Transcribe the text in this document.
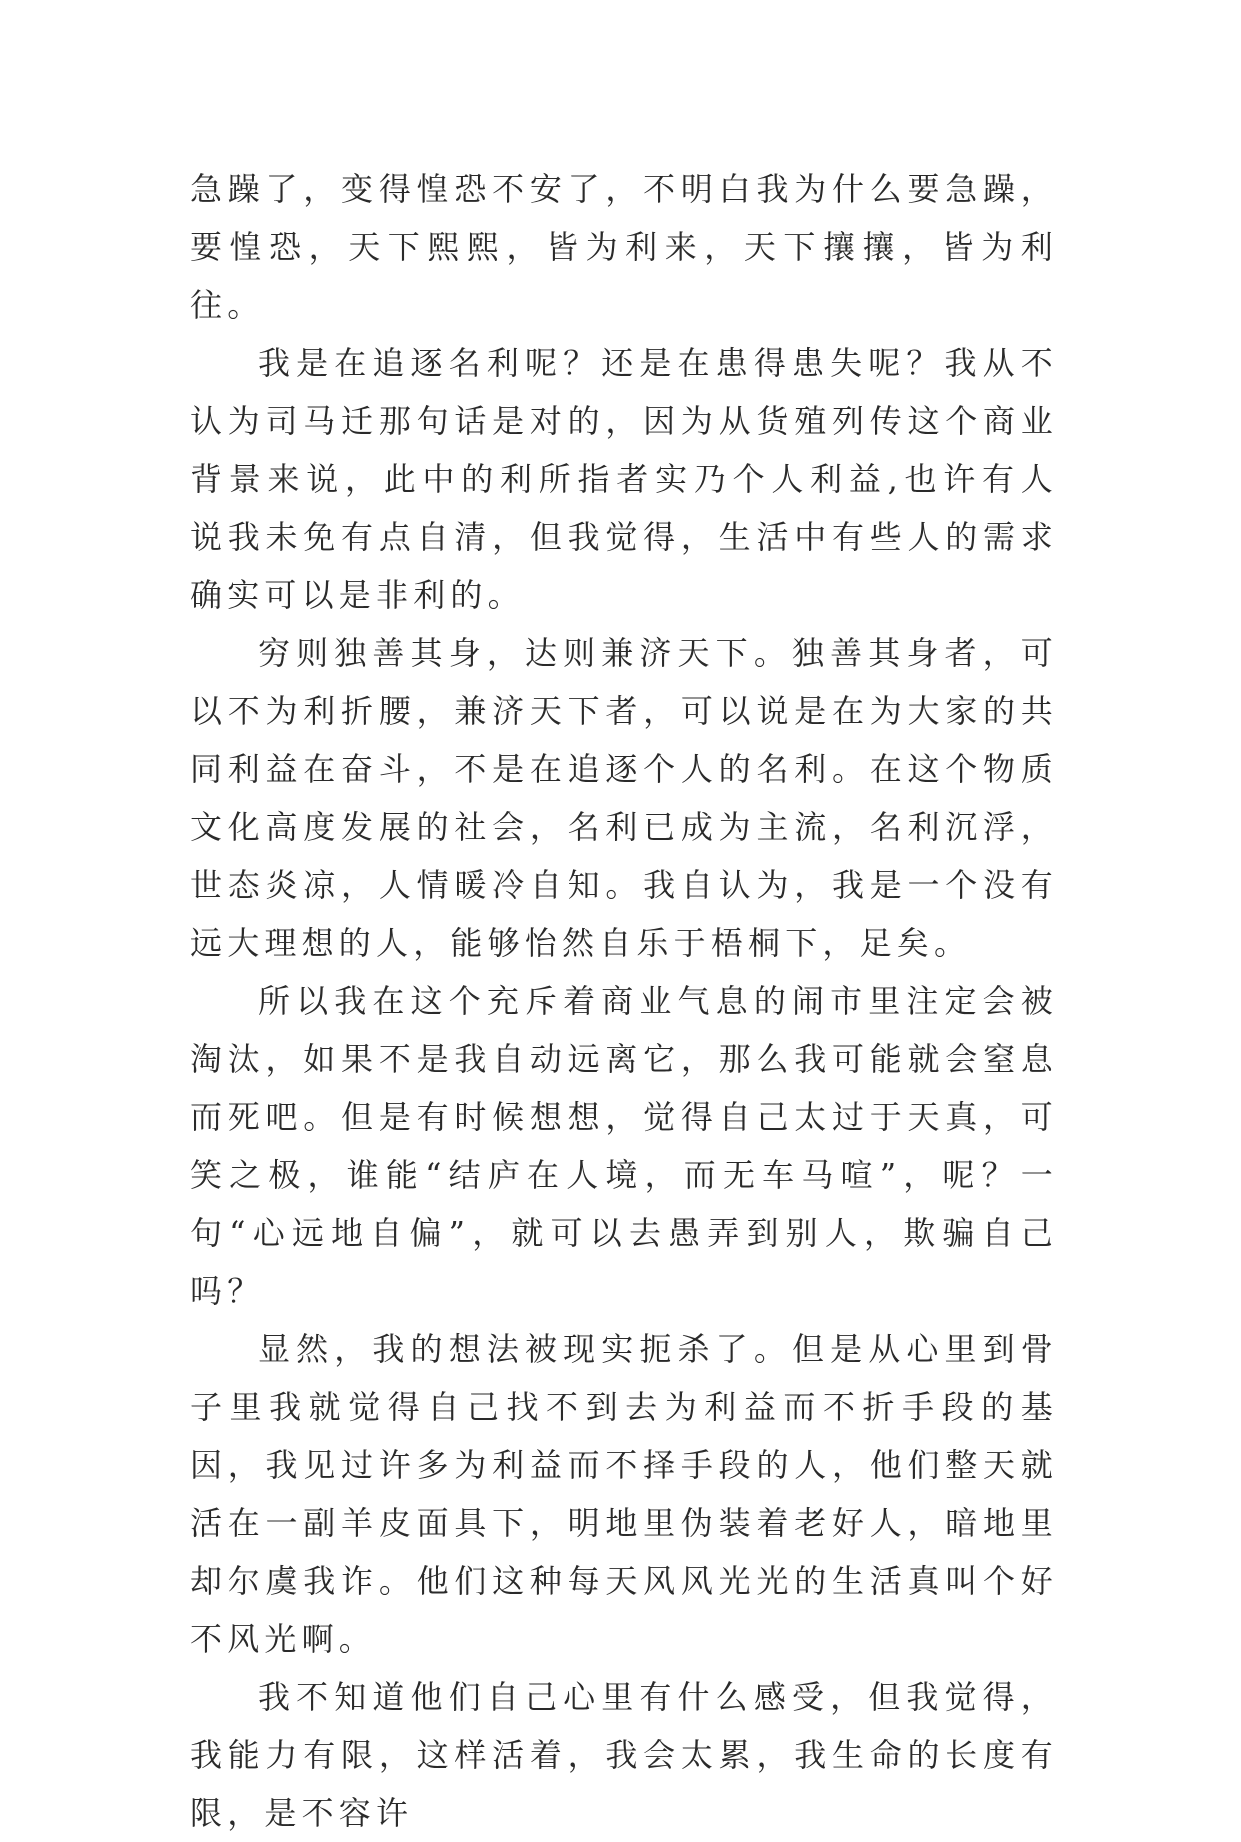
急躁了，变得惶恐不安了，不明白我为什么要急躁，要惶恐，天下熙熙，皆为利来，天下攘攘，皆为利往。

我是在追逐名利呢？还是在患得患失呢？我从不认为司马迁那句话是对的，因为从货殖列传这个商业背景来说，此中的利所指者实乃个人利益,也许有人说我未免有点自清，但我觉得，生活中有些人的需求确实可以是非利的。

穷则独善其身，达则兼济天下。独善其身者，可以不为利折腰，兼济天下者，可以说是在为大家的共同利益在奋斗，不是在追逐个人的名利。在这个物质文化高度发展的社会，名利已成为主流，名利沉浮，世态炎凉，人情暖冷自知。我自认为，我是一个没有远大理想的人，能够怡然自乐于梧桐下，足矣。

所以我在这个充斥着商业气息的闹市里注定会被淘汰，如果不是我自动远离它，那么我可能就会窒息而死吧。但是有时候想想，觉得自己太过于天真，可笑之极，谁能“结庐在人境，而无车马喧”，呢？一句“心远地自偏”，就可以去愚弄到别人，欺骗自己吗？

显然，我的想法被现实扼杀了。但是从心里到骨子里我就觉得自己找不到去为利益而不折手段的基因，我见过许多为利益而不择手段的人，他们整天就活在一副羊皮面具下，明地里伪装着老好人，暗地里却尔虞我诈。他们这种每天风风光光的生活真叫个好不风光啊。

我不知道他们自己心里有什么感受，但我觉得，我能力有限，这样活着，我会太累，我生命的长度有限，是不容许
